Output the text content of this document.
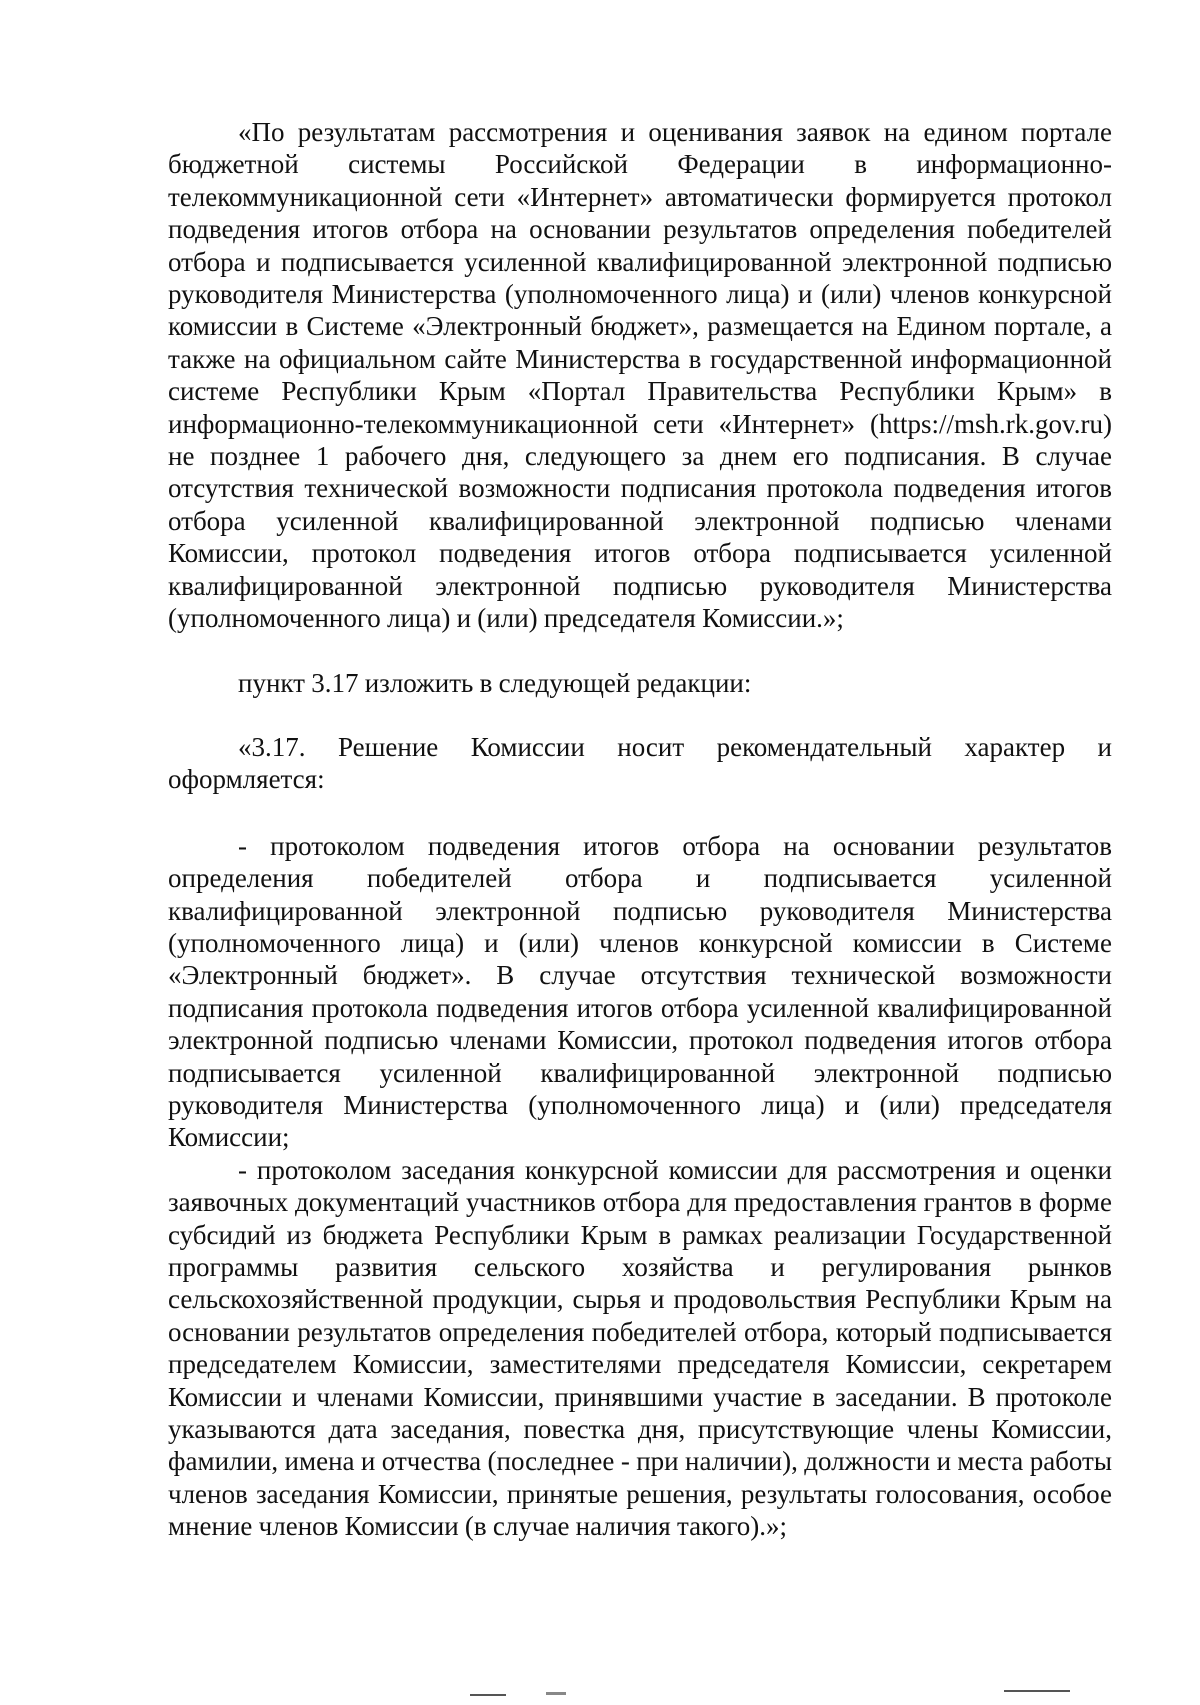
«По результатам рассмотрения и оценивания заявок на едином портале бюджетной системы Российской Федерации в информационно-телекоммуникационной сети «Интернет» автоматически формируется протокол подведения итогов отбора на основании результатов определения победителей отбора и подписывается усиленной квалифицированной электронной подписью руководителя Министерства (уполномоченного лица) и (или) членов конкурсной комиссии в Системе «Электронный бюджет», размещается на Едином портале, а также на официальном сайте Министерства в государственной информационной системе Республики Крым «Портал Правительства Республики Крым» в информационно-телекоммуникационной сети «Интернет» (https://msh.rk.gov.ru) не позднее 1 рабочего дня, следующего за днем его подписания. В случае отсутствия технической возможности подписания протокола подведения итогов отбора усиленной квалифицированной электронной подписью членами Комиссии, протокол подведения итогов отбора подписывается усиленной квалифицированной электронной подписью руководителя Министерства (уполномоченного лица) и (или) председателя Комиссии.»;

пункт 3.17 изложить в следующей редакции:

«3.17. Решение Комиссии носит рекомендательный характер и оформляется:

- протоколом подведения итогов отбора на основании результатов определения победителей отбора и подписывается усиленной квалифицированной электронной подписью руководителя Министерства (уполномоченного лица) и (или) членов конкурсной комиссии в Системе «Электронный бюджет». В случае отсутствия технической возможности подписания протокола подведения итогов отбора усиленной квалифицированной электронной подписью членами Комиссии, протокол подведения итогов отбора подписывается усиленной квалифицированной электронной подписью руководителя Министерства (уполномоченного лица) и (или) председателя Комиссии;

- протоколом заседания конкурсной комиссии для рассмотрения и оценки заявочных документаций участников отбора для предоставления грантов в форме субсидий из бюджета Республики Крым в рамках реализации Государственной программы развития сельского хозяйства и регулирования рынков сельскохозяйственной продукции, сырья и продовольствия Республики Крым на основании результатов определения победителей отбора, который подписывается председателем Комиссии, заместителями председателя Комиссии, секретарем Комиссии и членами Комиссии, принявшими участие в заседании. В протоколе указываются дата заседания, повестка дня, присутствующие члены Комиссии, фамилии, имена и отчества (последнее - при наличии), должности и места работы членов заседания Комиссии, принятые решения, результаты голосования, особое мнение членов Комиссии (в случае наличия такого).»;
